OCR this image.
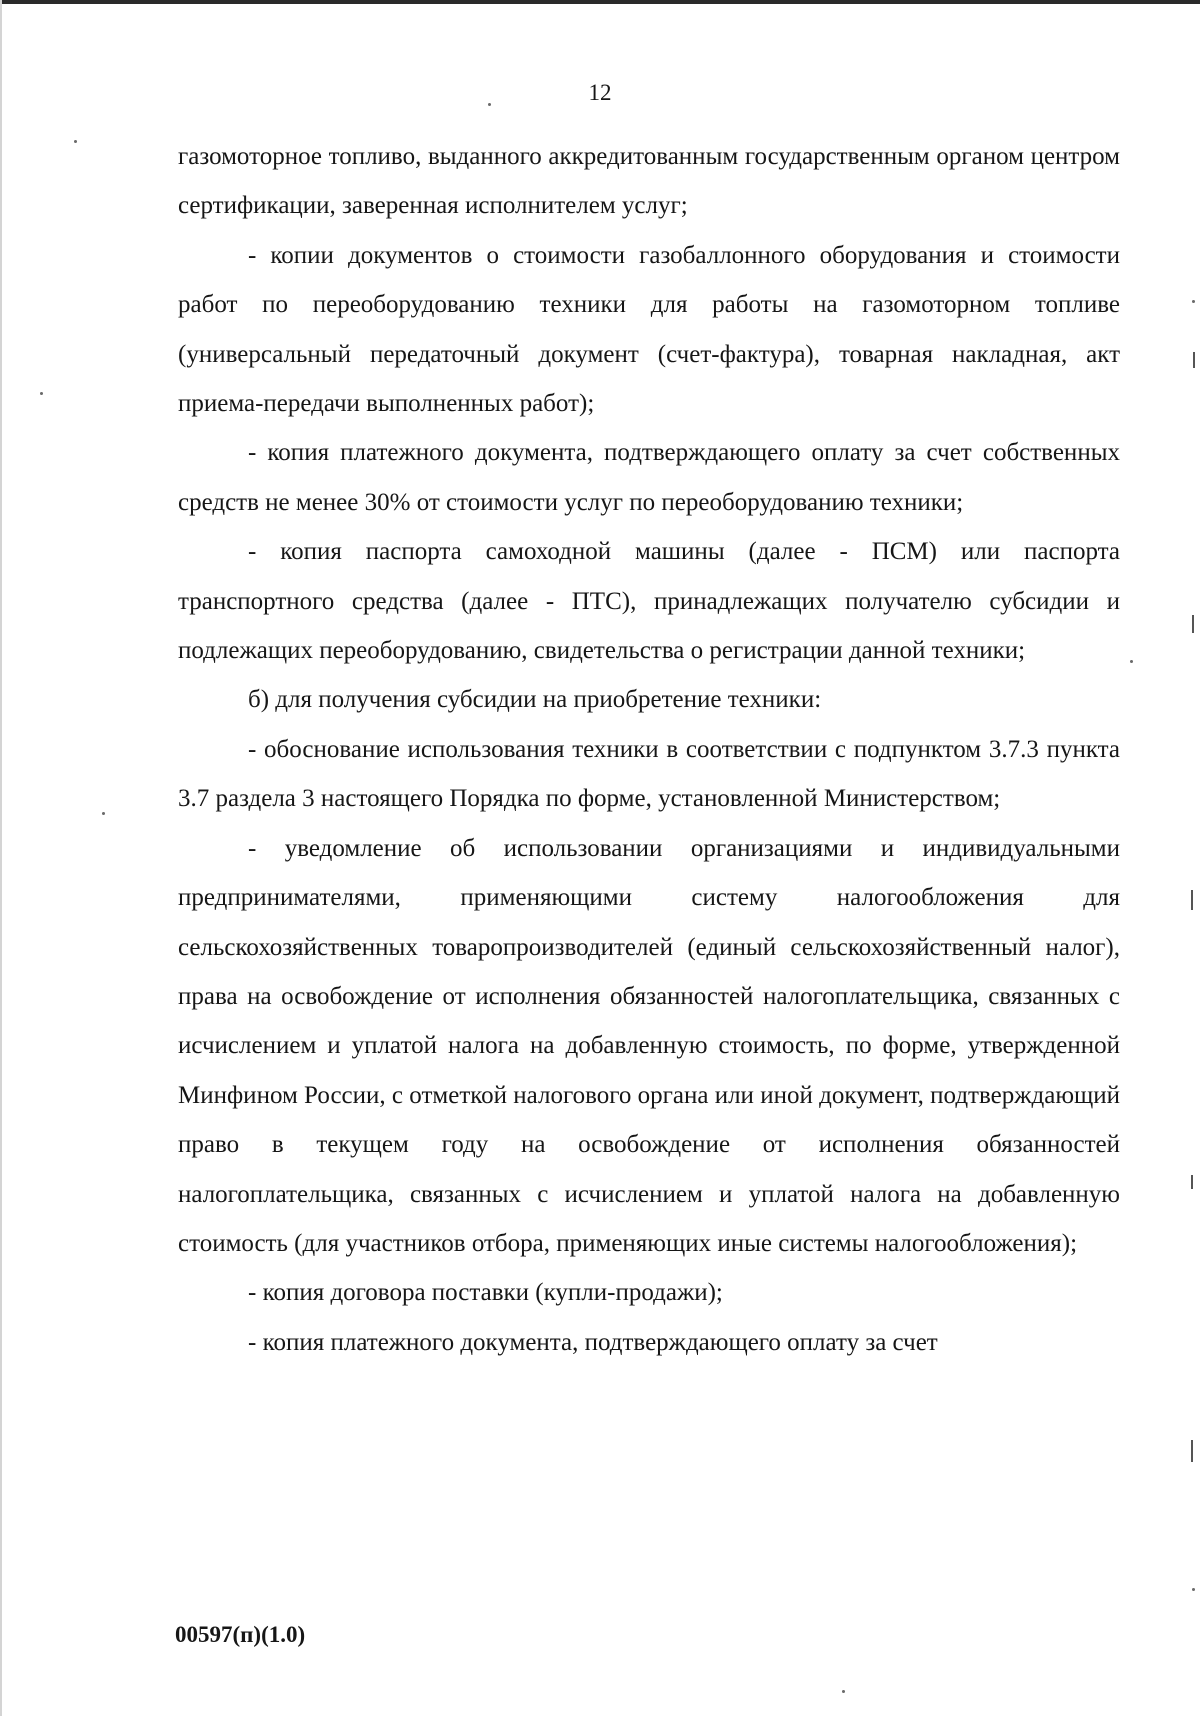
12

газомоторное топливо, выданного аккредитованным государственным органом центром сертификации, заверенная исполнителем услуг;

- копии документов о стоимости газобаллонного оборудования и стоимости работ по переоборудованию техники для работы на газомоторном топливе (универсальный передаточный документ (счет-фактура), товарная накладная, акт приема-передачи выполненных работ);

- копия платежного документа, подтверждающего оплату за счет собственных средств не менее 30% от стоимости услуг по переоборудованию техники;

- копия паспорта самоходной машины (далее - ПСМ) или паспорта транспортного средства (далее - ПТС), принадлежащих получателю субсидии и подлежащих переоборудованию, свидетельства о регистрации данной техники;

б) для получения субсидии на приобретение техники:

- обоснование использования техники в соответствии с подпунктом 3.7.3 пункта 3.7 раздела 3 настоящего Порядка по форме, установленной Министерством;

- уведомление об использовании организациями и индивидуальными предпринимателями, применяющими систему налогообложения для сельскохозяйственных товаропроизводителей (единый сельскохозяйственный налог), права на освобождение от исполнения обязанностей налогоплательщика, связанных с исчислением и уплатой налога на добавленную стоимость, по форме, утвержденной Минфином России, с отметкой налогового органа или иной документ, подтверждающий право в текущем году на освобождение от исполнения обязанностей налогоплательщика, связанных с исчислением и уплатой налога на добавленную стоимость (для участников отбора, применяющих иные системы налогообложения);

- копия договора поставки (купли-продажи);

- копия платежного документа, подтверждающего оплату за счет

00597(п)(1.0)
